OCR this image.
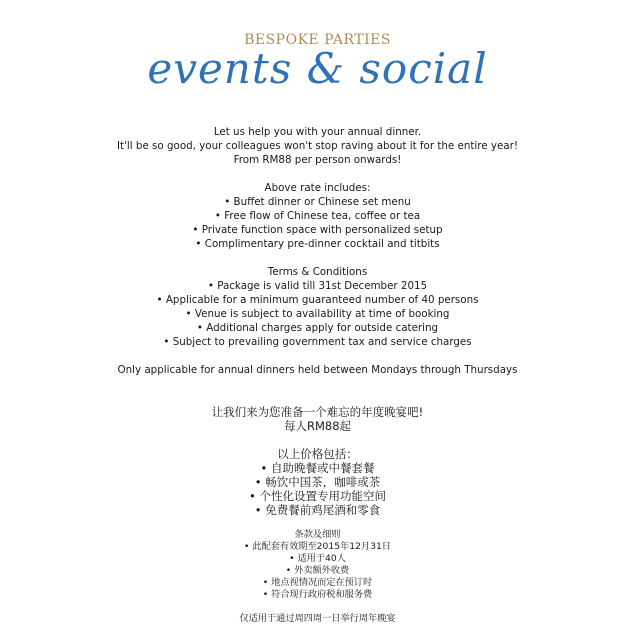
BESPOKE PARTIES
events & social
Let us help you with your annual dinner.
It'll be so good, your colleagues won't stop raving about it for the entire year!
From RM88 per person onwards!
Above rate includes:
• Buffet dinner or Chinese set menu
• Free flow of Chinese tea, coffee or tea
• Private function space with personalized setup
• Complimentary pre-dinner cocktail and titbits
Terms & Conditions
• Package is valid till 31st December 2015
• Applicable for a minimum guaranteed number of 40 persons
• Venue is subject to availability at time of booking
• Additional charges apply for outside catering
• Subject to prevailing government tax and service charges
Only applicable for annual dinners held between Mondays through Thursdays
让我们来为您准备一个难忘的年度晚宴吧!
每人RM88起
以上价格包括：
• 自助晚餐或中餐套餐
• 畅饮中国茶，咖啡或茶
• 个性化设置专用功能空间
• 免费餐前鸡尾酒和零食
条款及细则
• 此配套有效期至2015年12月31日
• 适用于40人
• 外卖额外收费
• 地点视情况而定在预订时
• 符合现行政府税和服务费
仅适用于通过周四周一日举行周年晚宴
